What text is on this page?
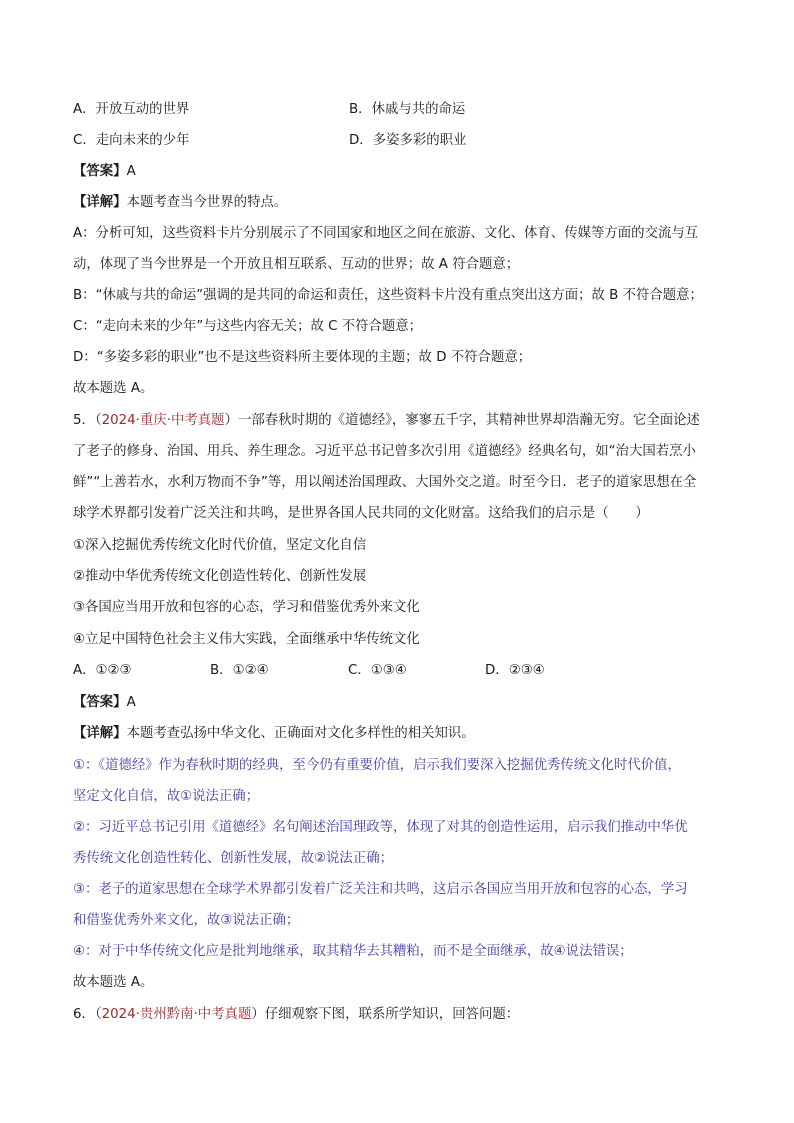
A．开放互动的世界	B．休戚与共的命运
C．走向未来的少年	D．多姿多彩的职业
【答案】A
【详解】本题考查当今世界的特点。
A：分析可知，这些资料卡片分别展示了不同国家和地区之间在旅游、文化、体育、传媒等方面的交流与互
动，体现了当今世界是一个开放且相互联系、互动的世界；故 A 符合题意；
B：“休戚与共的命运”强调的是共同的命运和责任，这些资料卡片没有重点突出这方面；故 B 不符合题意；
C：“走向未来的少年”与这些内容无关；故 C 不符合题意；
D：“多姿多彩的职业”也不是这些资料所主要体现的主题；故 D 不符合题意；
故本题选 A。
5．（2024·重庆·中考真题）一部春秋时期的《道德经》，寥寥五千字，其精神世界却浩瀚无穷。它全面论述
了老子的修身、治国、用兵、养生理念。习近平总书记曾多次引用《道德经》经典名句，如“治大国若烹小
鲜”“上善若水，水利万物而不争”等，用以阐述治国理政、大国外交之道。时至今日．老子的道家思想在全
球学术界都引发着广泛关注和共鸣，是世界各国人民共同的文化财富。这给我们的启示是（　　）
①深入挖掘优秀传统文化时代价值，坚定文化自信
②推动中华优秀传统文化创造性转化、创新性发展
③各国应当用开放和包容的心态，学习和借鉴优秀外来文化
④立足中国特色社会主义伟大实践，全面继承中华传统文化
A．①②③	B．①②④	C．①③④	D．②③④
【答案】A
【详解】本题考查弘扬中华文化、正确面对文化多样性的相关知识。
①：《道德经》作为春秋时期的经典，至今仍有重要价值，启示我们要深入挖掘优秀传统文化时代价值，
坚定文化自信，故①说法正确；
②：习近平总书记引用《道德经》名句阐述治国理政等，体现了对其的创造性运用，启示我们推动中华优
秀传统文化创造性转化、创新性发展，故②说法正确；
③：老子的道家思想在全球学术界都引发着广泛关注和共鸣，这启示各国应当用开放和包容的心态，学习
和借鉴优秀外来文化，故③说法正确；
④：对于中华传统文化应是批判地继承，取其精华去其糟粕，而不是全面继承，故④说法错误；
故本题选 A。
6．（2024·贵州黔南·中考真题）仔细观察下图，联系所学知识，回答问题：
